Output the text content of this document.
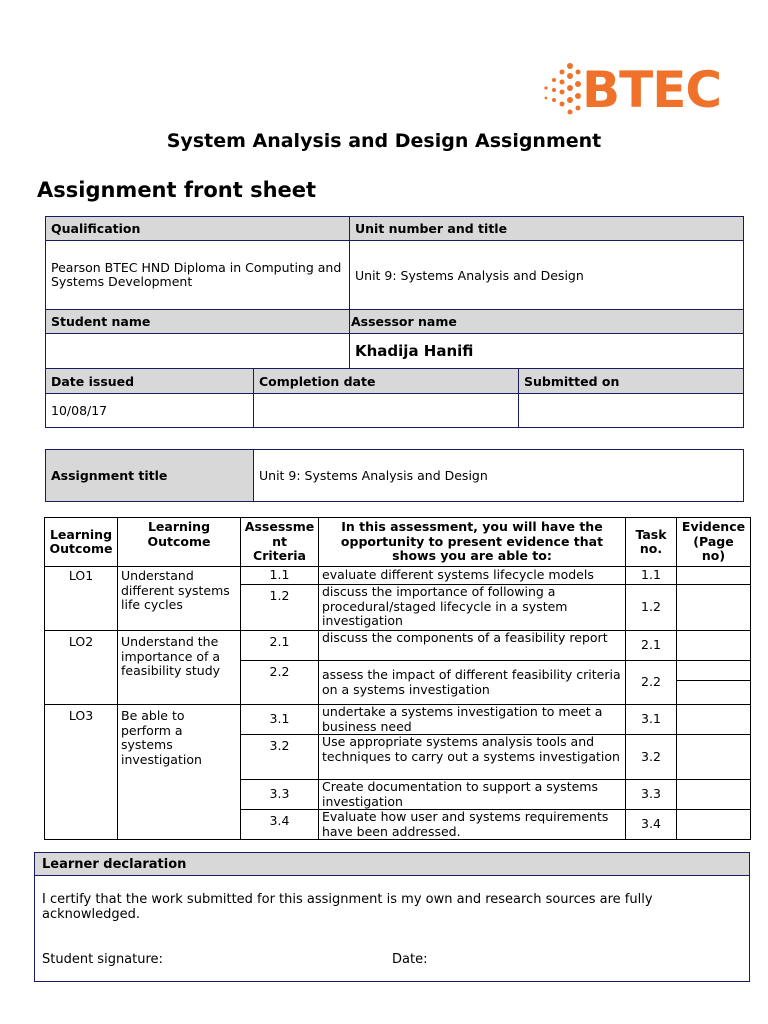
BTEC
System Analysis and Design Assignment
Assignment front sheet
Qualification	Unit number and title
Pearson BTEC HND Diploma in Computing and Systems Development	Unit 9: Systems Analysis and Design
Student name	Assessor name
	Khadija Hanifi
Date issued	Completion date	Submitted on
10/08/17		
Assignment title	Unit 9: Systems Analysis and Design
Learning Outcome	Learning Outcome	Assessme nt Criteria	In this assessment, you will have the opportunity to present evidence that shows you are able to:	Task no.	Evidence (Page no)
LO1	Understand different systems life cycles	1.1	evaluate different systems lifecycle models	1.1	
		1.2	discuss the importance of following a procedural/staged lifecycle in a system investigation	1.2	
LO2	Understand the importance of a feasibility study	2.1	discuss the components of a feasibility report	2.1	
		2.2	assess the impact of different feasibility criteria on a systems investigation	2.2	

LO3	Be able to perform a systems investigation	3.1	undertake a systems investigation to meet a business need	3.1	
		3.2	Use appropriate systems analysis tools and techniques to carry out a systems investigation	3.2	
		3.3	Create documentation to support a systems investigation	3.3	
		3.4	Evaluate how user and systems requirements have been addressed.	3.4	
Learner declaration
I certify that the work submitted for this assignment is my own and research sources are fully acknowledged.
Student signature:	Date:
